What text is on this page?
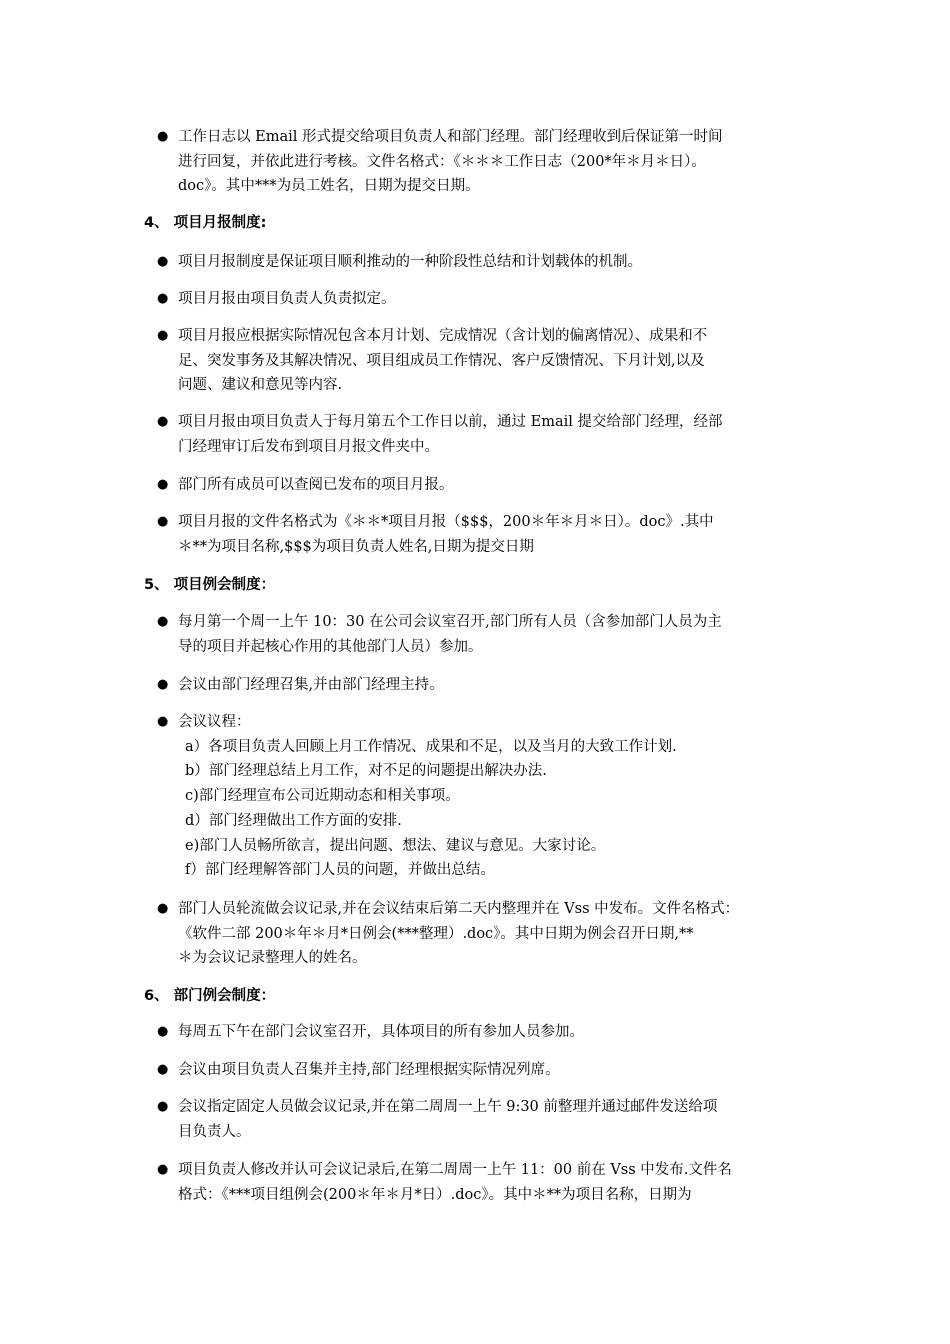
● 工作日志以 Email 形式提交给项目负责人和部门经理。部门经理收到后保证第一时间
进行回复，并依此进行考核。文件名格式：《＊＊＊工作日志（200*年＊月＊日）。
doc》。其中***为员工姓名，日期为提交日期。
4、 项目月报制度:
● 项目月报制度是保证项目顺利推动的一种阶段性总结和计划载体的机制。
● 项目月报由项目负责人负责拟定。
● 项目月报应根据实际情况包含本月计划、完成情况（含计划的偏离情况）、成果和不
足、突发事务及其解决情况、项目组成员工作情况、客户反馈情况、下月计划,以及
问题、建议和意见等内容.
● 项目月报由项目负责人于每月第五个工作日以前，通过 Email 提交给部门经理，经部
门经理审订后发布到项目月报文件夹中。
● 部门所有成员可以查阅已发布的项目月报。
● 项目月报的文件名格式为《＊＊*项目月报（$$$，200＊年＊月＊日）。doc》.其中
＊**为项目名称,$$$为项目负责人姓名,日期为提交日期
5、 项目例会制度：
● 每月第一个周一上午 10：30 在公司会议室召开,部门所有人员（含参加部门人员为主
导的项目并起核心作用的其他部门人员）参加。
● 会议由部门经理召集,并由部门经理主持。
● 会议议程：
a）各项目负责人回顾上月工作情况、成果和不足，以及当月的大致工作计划.
b）部门经理总结上月工作，对不足的问题提出解决办法.
c)部门经理宣布公司近期动态和相关事项。
d）部门经理做出工作方面的安排.
e)部门人员畅所欲言，提出问题、想法、建议与意见。大家讨论。
f）部门经理解答部门人员的问题，并做出总结。
● 部门人员轮流做会议记录,并在会议结束后第二天内整理并在 Vss 中发布。文件名格式：
《软件二部 200＊年＊月*日例会(***整理）.doc》。其中日期为例会召开日期,**
＊为会议记录整理人的姓名。
6、 部门例会制度：
● 每周五下午在部门会议室召开，具体项目的所有参加人员参加。
● 会议由项目负责人召集并主持,部门经理根据实际情况列席。
● 会议指定固定人员做会议记录,并在第二周周一上午 9:30 前整理并通过邮件发送给项
目负责人。
● 项目负责人修改并认可会议记录后,在第二周周一上午 11：00 前在 Vss 中发布.文件名
格式：《***项目组例会(200＊年＊月*日）.doc》。其中＊**为项目名称，日期为
